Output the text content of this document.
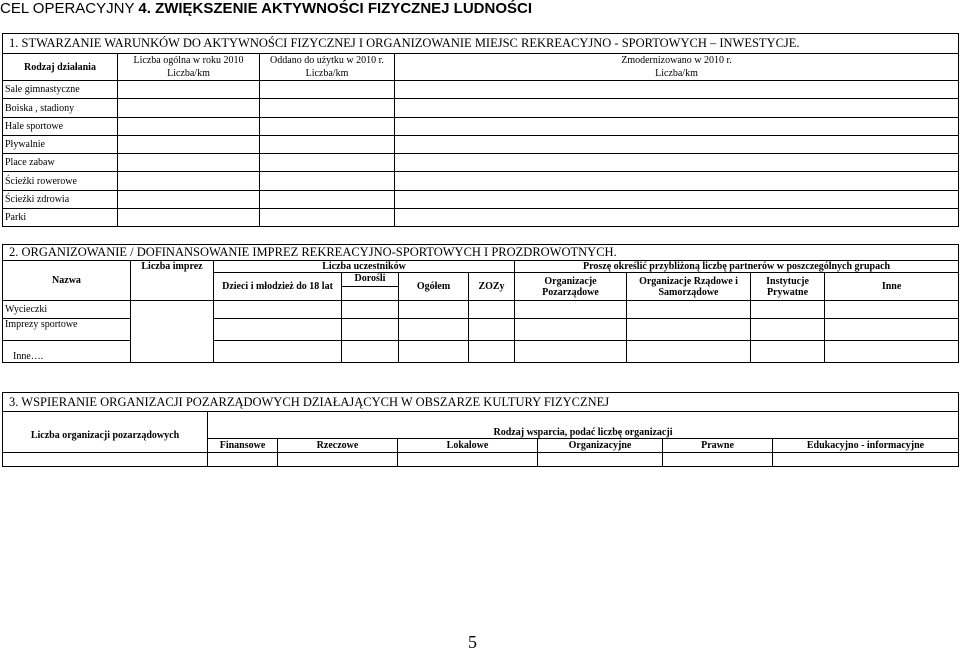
CEL OPERACYJNY 4. ZWIĘKSZENIE AKTYWNOŚCI FIZYCZNEJ LUDNOŚCI
1. STWARZANIE WARUNKÓW DO AKTYWNOŚCI FIZYCZNEJ I ORGANIZOWANIE MIEJSC REKREACYJNO - SPORTOWYCH – INWESTYCJE.			
Rodzaj działania	Liczba ogólna w roku 2010	Oddano do użytku w 2010 r.	Zmodernizowano w 2010 r.
	Liczba/km	Liczba/km	Liczba/km
Sale gimnastyczne			
Boiska , stadiony			
Hale sportowe			
Pływalnie			
Place zabaw			
Ścieżki rowerowe			
Ścieżki zdrowia			
Parki			
2. ORGANIZOWANIE / DOFINANSOWANIE IMPREZ REKREACYJNO-SPORTOWYCH I PROZDROWOTNYCH.									
Nazwa	Liczba imprez	Liczba uczestników				Proszę określić przybliżoną liczbę partnerów w poszczególnych grupach			
		Dzieci i młodzież do 18 lat	Dorośli	Ogółem	ZOZy	Organizacje Pozarządowe	Organizacje Rządowe i Samorządowe	Instytucje Prywatne	Inne

Wycieczki									
Imprezy sportowe									
Inne….									
3. WSPIERANIE ORGANIZACJI POZARZĄDOWYCH DZIAŁAJĄCYCH W OBSZARZE KULTURY FIZYCZNEJ						
Liczba organizacji pozarządowych	Rodzaj wsparcia, podać liczbę organizacji					
	Finansowe	Rzeczowe	Lokalowe	Organizacyjne	Prawne	Edukacyjno - informacyjne

5
